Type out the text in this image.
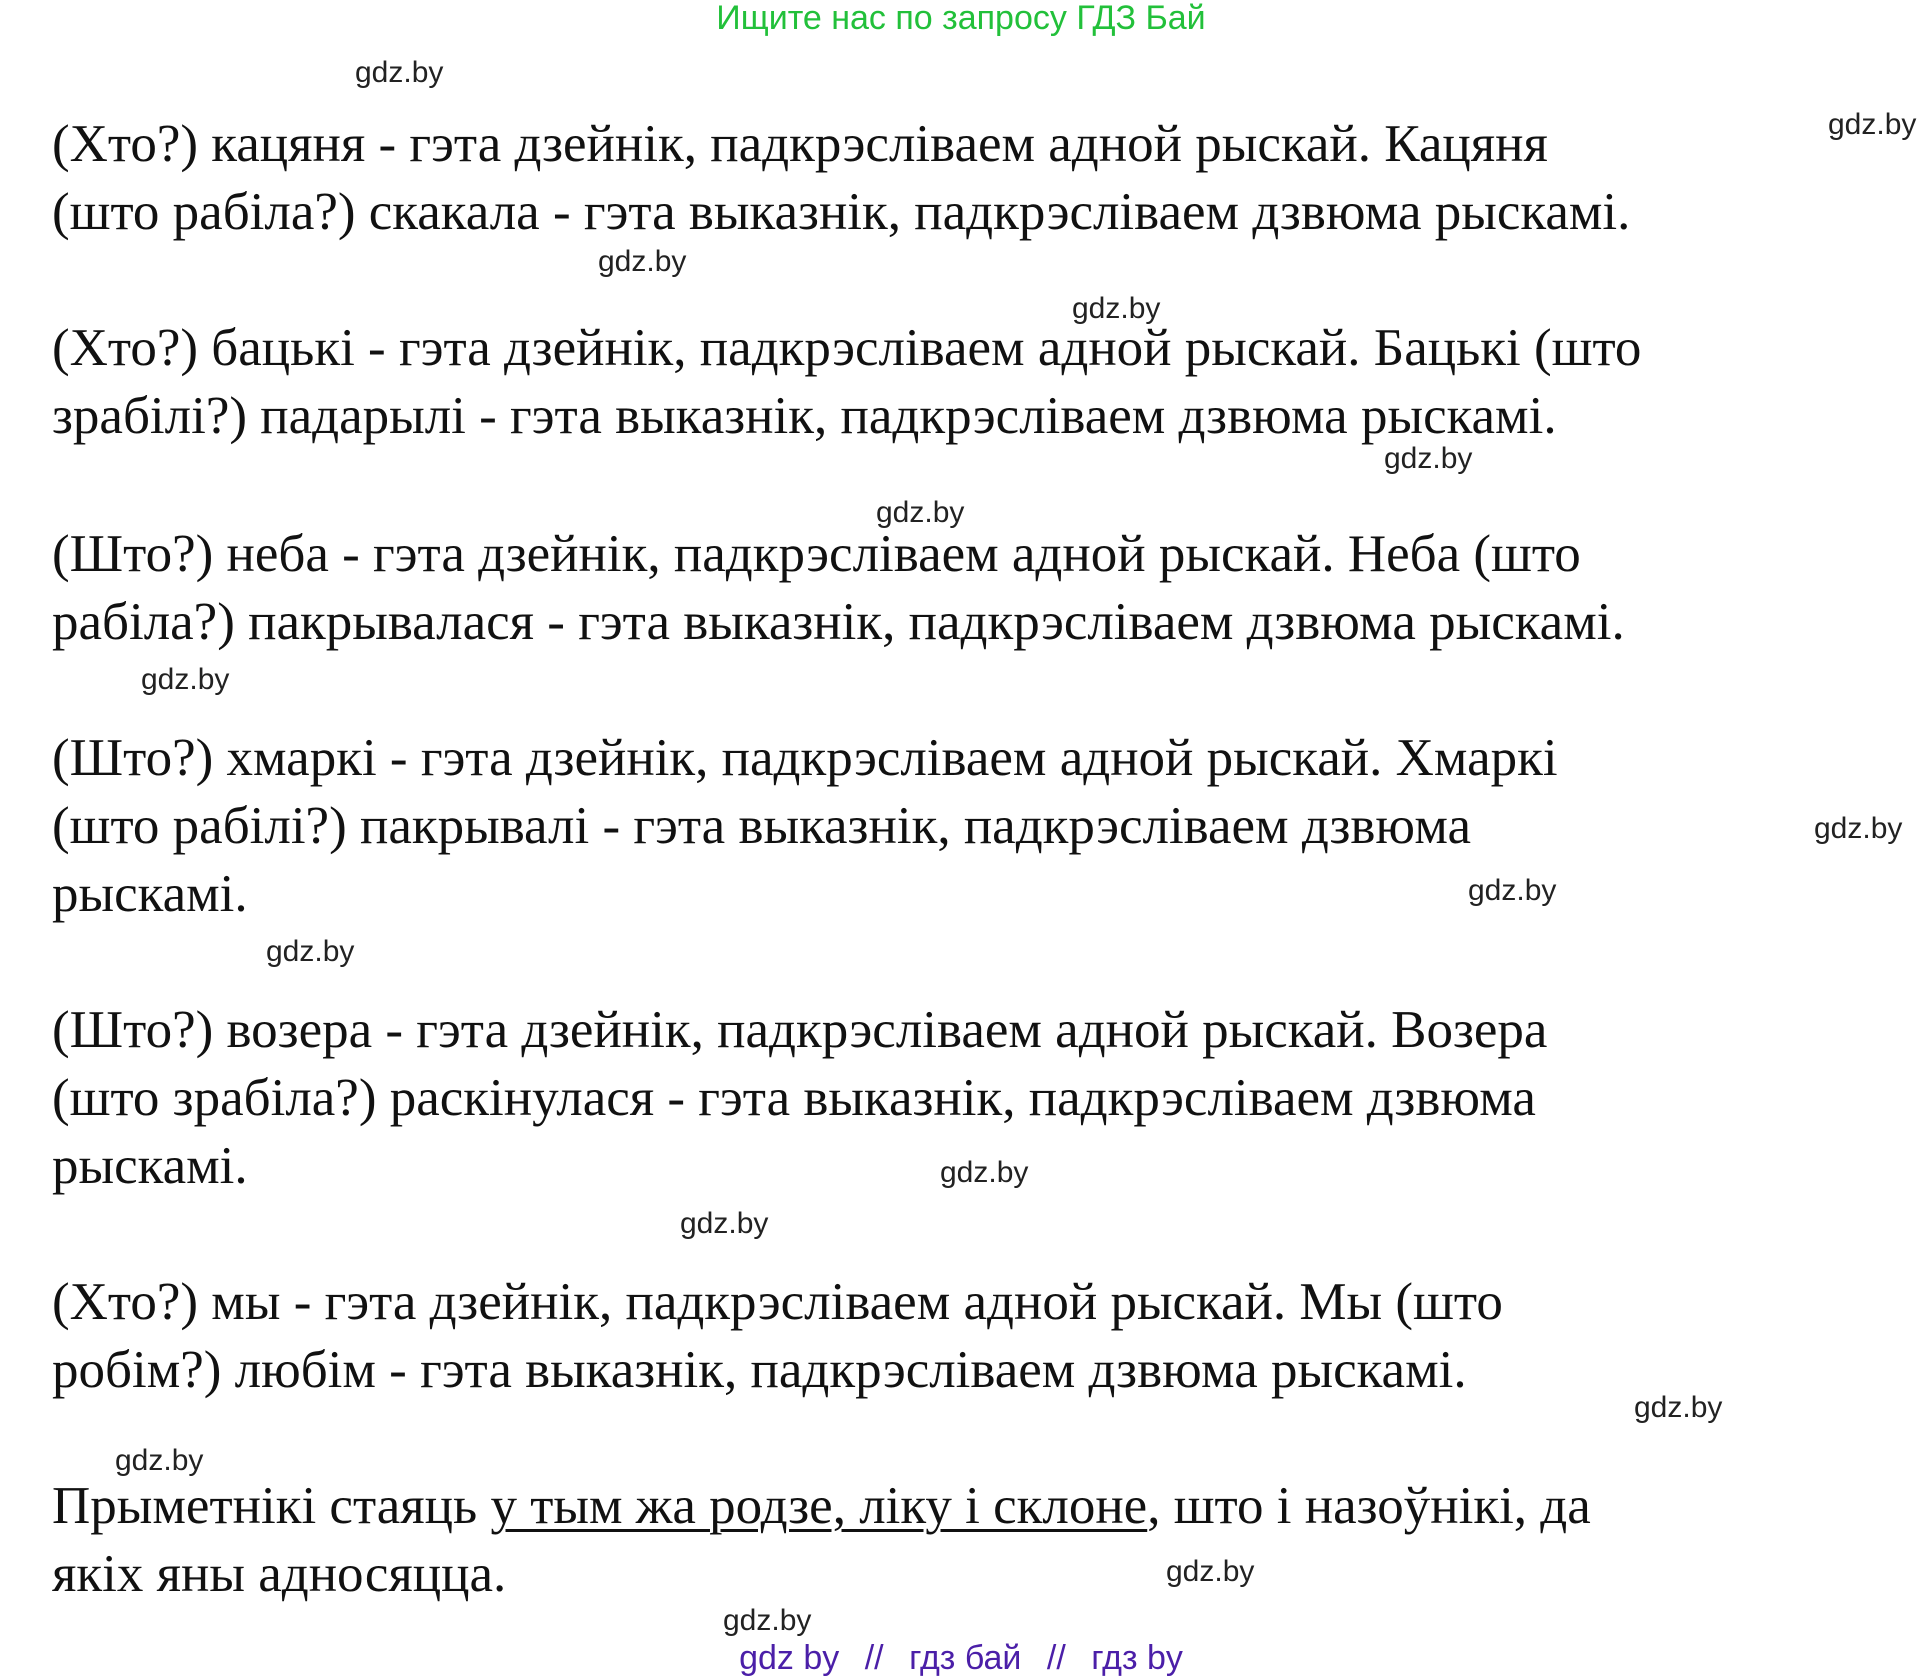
Ищите нас по запросу ГДЗ Бай
gdz.by
gdz.by
gdz.by
gdz.by
gdz.by
gdz.by
gdz.by
gdz.by
gdz.by
gdz.by
gdz.by
gdz.by
gdz.by
gdz.by
gdz.by
gdz.by
(Хто?) кацяня - гэта дзейнік, падкрэсліваем адной рыскай. Кацяня
(што рабіла?) скакала - гэта выказнік, падкрэсліваем дзвюма рыскамі.
(Хто?) бацькі - гэта дзейнік, падкрэсліваем адной рыскай. Бацькі (што
зрабілі?) падарылі - гэта выказнік, падкрэсліваем дзвюма рыскамі.
(Што?) неба - гэта дзейнік, падкрэсліваем адной рыскай. Неба (што
рабіла?) пакрывалася - гэта выказнік, падкрэсліваем дзвюма рыскамі.
(Што?) хмаркі - гэта дзейнік, падкрэсліваем адной рыскай. Хмаркі
(што рабілі?) пакрывалі - гэта выказнік, падкрэсліваем дзвюма
рыскамі.
(Што?) возера - гэта дзейнік, падкрэсліваем адной рыскай. Возера
(што зрабіла?) раскінулася - гэта выказнік, падкрэсліваем дзвюма
рыскамі.
(Хто?) мы - гэта дзейнік, падкрэсліваем адной рыскай. Мы (што
робім?) любім - гэта выказнік, падкрэсліваем дзвюма рыскамі.
Прыметнікі стаяць у тым жа родзе, ліку і склоне, што і назоўнікі, да
якіх яны адносяцца.
gdz by // гдз бай // гдз by
